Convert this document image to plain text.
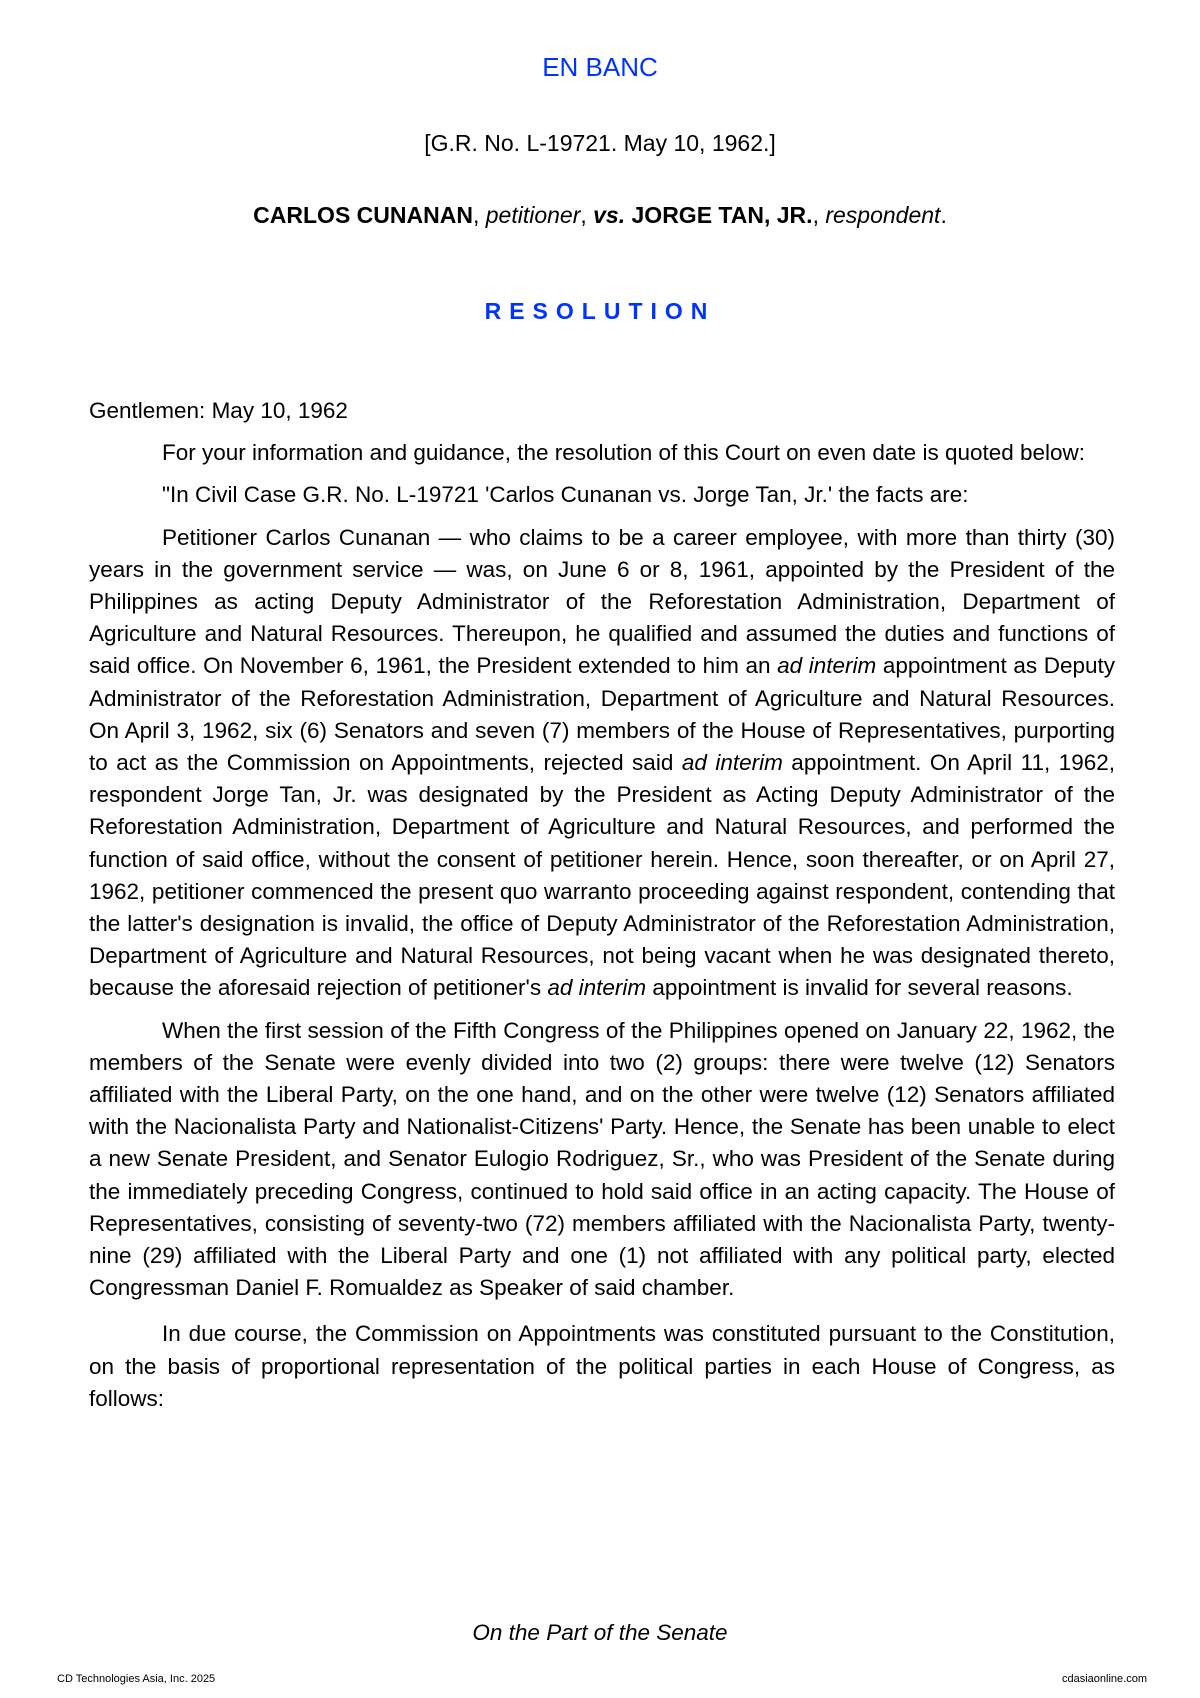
EN BANC
[G.R. No. L-19721. May 10, 1962.]
CARLOS CUNANAN, petitioner, vs. JORGE TAN, JR., respondent.
RESOLUTION

Gentlemen: May 10, 1962

For your information and guidance, the resolution of this Court on even date is quoted below:

"In Civil Case G.R. No. L-19721 'Carlos Cunanan vs. Jorge Tan, Jr.' the facts are:

Petitioner Carlos Cunanan — who claims to be a career employee, with more than thirty (30) years in the government service — was, on June 6 or 8, 1961, appointed by the President of the Philippines as acting Deputy Administrator of the Reforestation Administration, Department of Agriculture and Natural Resources. Thereupon, he qualified and assumed the duties and functions of said office. On November 6, 1961, the President extended to him an ad interim appointment as Deputy Administrator of the Reforestation Administration, Department of Agriculture and Natural Resources. On April 3, 1962, six (6) Senators and seven (7) members of the House of Representatives, purporting to act as the Commission on Appointments, rejected said ad interim appointment. On April 11, 1962, respondent Jorge Tan, Jr. was designated by the President as Acting Deputy Administrator of the Reforestation Administration, Department of Agriculture and Natural Resources, and performed the function of said office, without the consent of petitioner herein. Hence, soon thereafter, or on April 27, 1962, petitioner commenced the present quo warranto proceeding against respondent, contending that the latter's designation is invalid, the office of Deputy Administrator of the Reforestation Administration, Department of Agriculture and Natural Resources, not being vacant when he was designated thereto, because the aforesaid rejection of petitioner's ad interim appointment is invalid for several reasons.

When the first session of the Fifth Congress of the Philippines opened on January 22, 1962, the members of the Senate were evenly divided into two (2) groups: there were twelve (12) Senators affiliated with the Liberal Party, on the one hand, and on the other were twelve (12) Senators affiliated with the Nacionalista Party and Nationalist-Citizens' Party. Hence, the Senate has been unable to elect a new Senate President, and Senator Eulogio Rodriguez, Sr., who was President of the Senate during the immediately preceding Congress, continued to hold said office in an acting capacity. The House of Representatives, consisting of seventy-two (72) members affiliated with the Nacionalista Party, twenty-nine (29) affiliated with the Liberal Party and one (1) not affiliated with any political party, elected Congressman Daniel F. Romualdez as Speaker of said chamber.

In due course, the Commission on Appointments was constituted pursuant to the Constitution, on the basis of proportional representation of the political parties in each House of Congress, as follows:

On the Part of the Senate
CD Technologies Asia, Inc. 2025	cdasiaonline.com
